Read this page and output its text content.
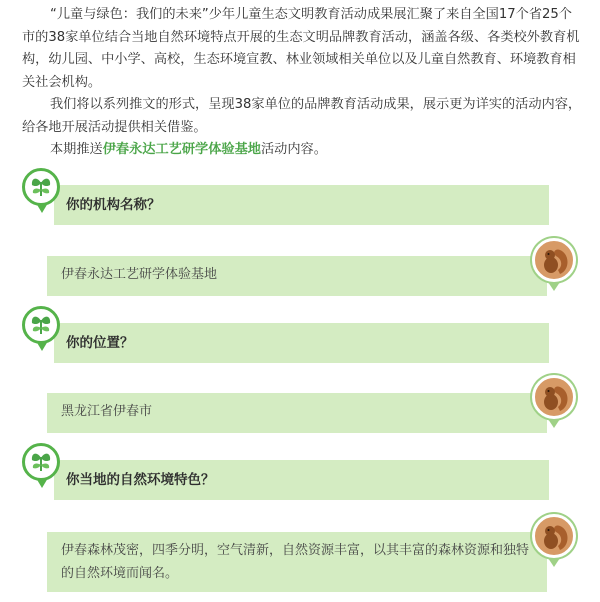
“儿童与绿色：我们的未来”少年儿童生态文明教育活动成果展汇聚了来自全国17个省25个市的38家单位结合当地自然环境特点开展的生态文明品牌教育活动，涵盖各级、各类校外教育机构，幼儿园、中小学、高校，生态环境宣教、林业领域相关单位以及儿童自然教育、环境教育相关社会机构。

我们将以系列推文的形式，呈现38家单位的品牌教育活动成果，展示更为详实的活动内容，给各地开展活动提供相关借鉴。

本期推送伊春永达工艺研学体验基地活动内容。

你的机构名称？
伊春永达工艺研学体验基地
你的位置？
黑龙江省伊春市
你当地的自然环境特色？
伊春森林茂密，四季分明，空气清新，自然资源丰富，以其丰富的森林资源和独特的自然环境而闻名。
